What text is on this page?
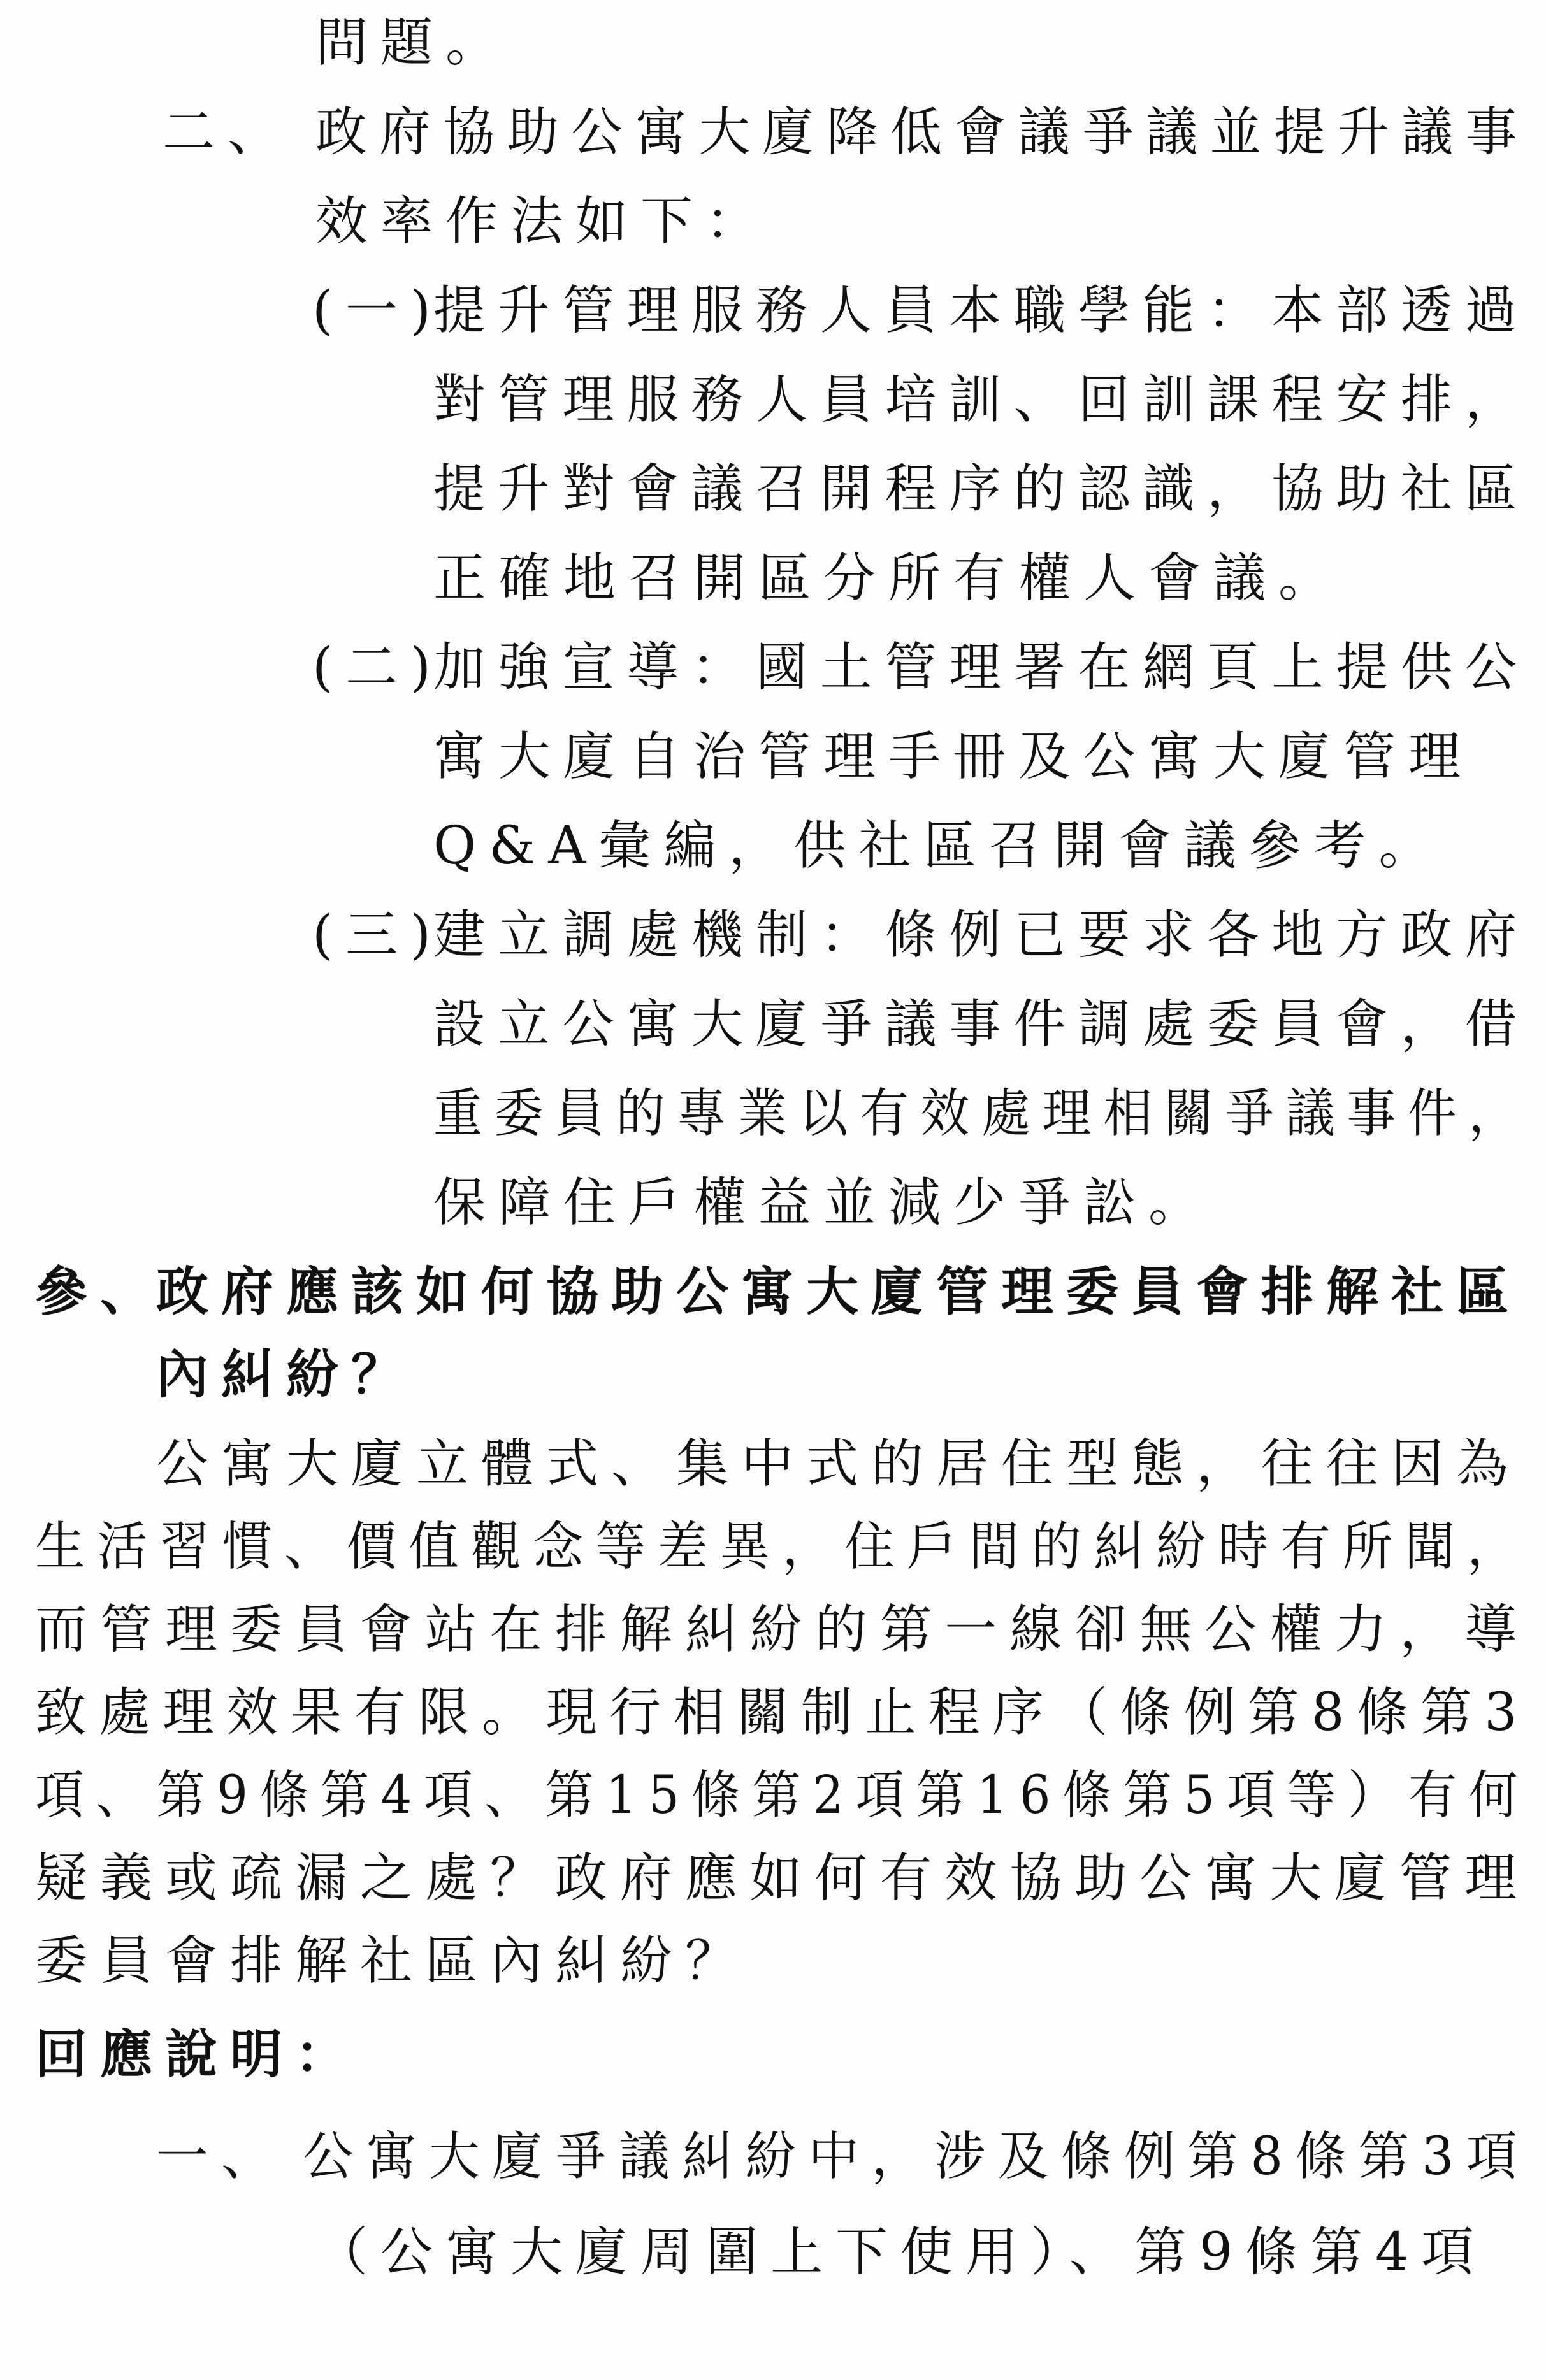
問題。
二、 政府協助公寓大廈降低會議爭議並提升議事
效率作法如下：
(一)
提升管理服務人員本職學能：本部透過
對管理服務人員培訓、回訓課程安排，
提升對會議召開程序的認識，協助社區
正確地召開區分所有權人會議。
(二)
加強宣導：國土管理署在網頁上提供公
寓大廈自治管理手冊及公寓大廈管理
Q&A彙編，供社區召開會議參考。
(三)
建立調處機制：條例已要求各地方政府
設立公寓大廈爭議事件調處委員會，借
重委員的專業以有效處理相關爭議事件，
保障住戶權益並減少爭訟。
參、
政府應該如何協助公寓大廈管理委員會排解社區
內糾紛？
公寓大廈立體式、集中式的居住型態，往往因為
生活習慣、價值觀念等差異，住戶間的糾紛時有所聞，
而管理委員會站在排解糾紛的第一線卻無公權力，導
致處理效果有限。現行相關制止程序（條例第8條第3
項、第9條第4項、第15條第2項第16條第5項等）有何
疑義或疏漏之處？政府應如何有效協助公寓大廈管理
委員會排解社區內糾紛？
回應說明：
一、 公寓大廈爭議糾紛中，涉及條例第8條第3項
（公寓大廈周圍上下使用）、第9條第4項
